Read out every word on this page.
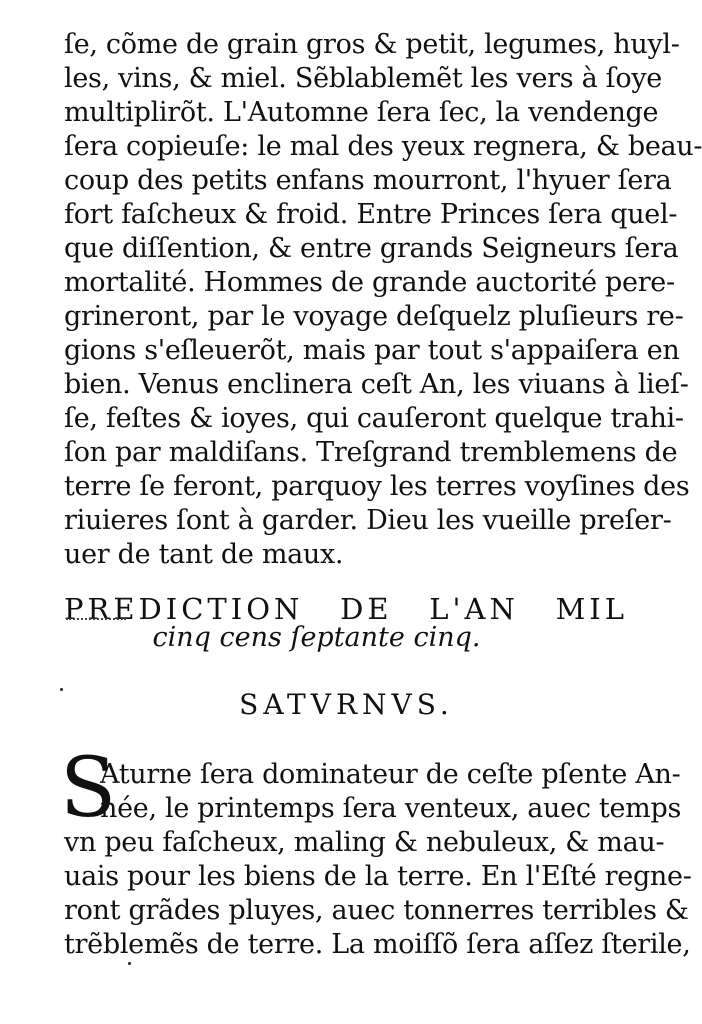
ſe, cõme de grain gros & petit, legumes, huyl-
les, vins, & miel. Sẽblablemẽt les vers à ſoye
multiplirõt. L'Automne ſera ſec, la vendenge
ſera copieuſe: le mal des yeux regnera, & beau-
coup des petits enfans mourront, l'hyuer ſera
fort faſcheux & froid. Entre Princes ſera quel-
que diſſention, & entre grands Seigneurs ſera
mortalité. Hommes de grande auctorité pere-
grineront, par le voyage deſquelz pluſieurs re-
gions s'eſleuerõt, mais par tout s'appaiſera en
bien. Venus enclinera ceſt An, les viuans à lieſ-
ſe, feſtes & ioyes, qui cauſeront quelque trahi-
ſon par maldiſans. Treſgrand tremblemens de
terre ſe feront, parquoy les terres voyſines des
riuieres ſont à garder. Dieu les vueille preſer-
uer de tant de maux.
PREDICTION DE L'AN MIL
cinq cens ſeptante cinq.
SATVRNVS.
S
Aturne ſera dominateur de ceſte pſente An-
née, le printemps ſera venteux, auec temps
vn peu faſcheux, maling & nebuleux, & mau-
uais pour les biens de la terre. En l'Eſté regne-
ront grãdes pluyes, auec tonnerres terribles &
trẽblemẽs de terre. La moiſſõ ſera aſſez ſterile,
